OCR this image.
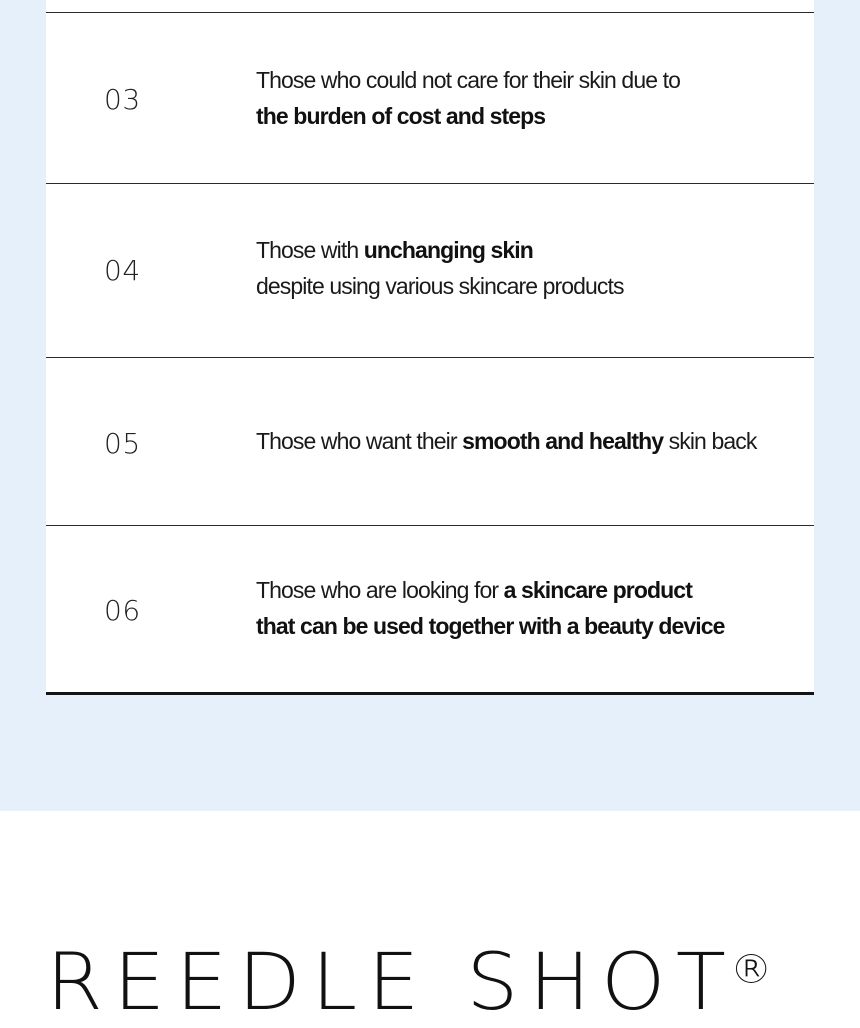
03
Those who could not care for their skin due to
the burden of cost and steps
04
Those with unchanging skin
despite using various skincare products
05	Those who want their smooth and healthy skin back
06
Those who are looking for a skincare product
that can be used together with a beauty device
REEDLE SHOT®
